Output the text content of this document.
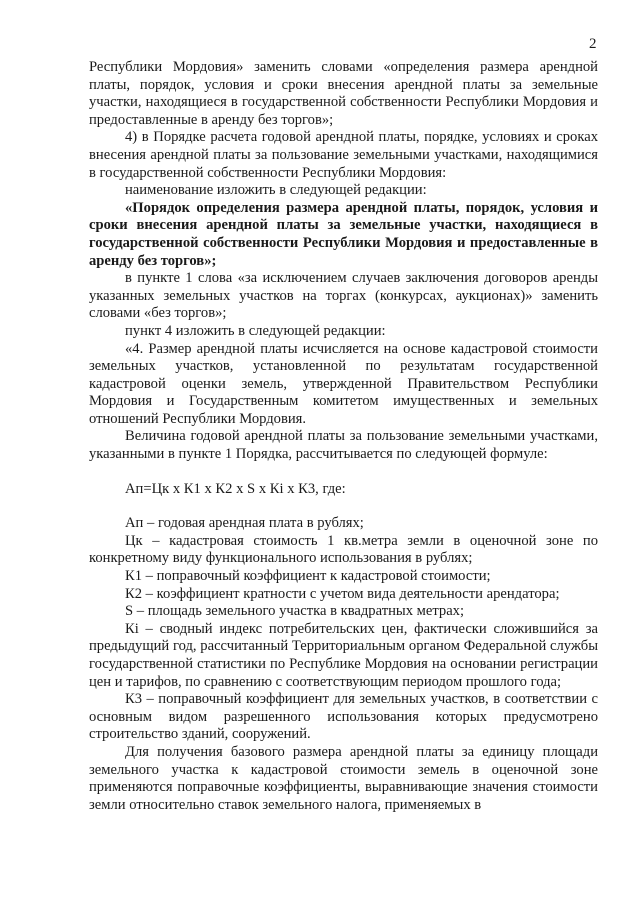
2

Республики Мордовия» заменить словами «определения размера арендной платы, порядок, условия и сроки внесения арендной платы за земельные участки, находящиеся в государственной собственности Республики Мордовия и предоставленные в аренду без торгов»;

4) в Порядке расчета годовой арендной платы, порядке, условиях и сроках внесения арендной платы за пользование земельными участками, находящимися в государственной собственности Республики Мордовия:

наименование изложить в следующей редакции:

«Порядок определения размера арендной платы, порядок, условия и сроки внесения арендной платы за земельные участки, находящиеся в государственной собственности Республики Мордовия и предоставленные в аренду без торгов»;

в пункте 1 слова «за исключением случаев заключения договоров аренды указанных земельных участков на торгах (конкурсах, аукционах)» заменить словами «без торгов»;

пункт 4 изложить в следующей редакции:

«4. Размер арендной платы исчисляется на основе кадастровой стоимости земельных участков, установленной по результатам государственной кадастровой оценки земель, утвержденной Правительством Республики Мордовия и Государственным комитетом имущественных и земельных отношений Республики Мордовия.

Величина годовой арендной платы за пользование земельными участками, указанными в пункте 1 Порядка, рассчитывается по следующей формуле:

Ап=Цк x К1 x К2 x S x Кi x К3, где:

Ап – годовая арендная плата в рублях;

Цк – кадастровая стоимость 1 кв.метра земли в оценочной зоне по конкретному виду функционального использования в рублях;

К1 – поправочный коэффициент к кадастровой стоимости;

К2 – коэффициент кратности с учетом вида деятельности арендатора;

S – площадь земельного участка в квадратных метрах;

Кi – сводный индекс потребительских цен, фактически сложившийся за предыдущий год, рассчитанный Территориальным органом Федеральной службы государственной статистики по Республике Мордовия на основании регистрации цен и тарифов, по сравнению с соответствующим периодом прошлого года;

К3 – поправочный коэффициент для земельных участков, в соответствии с основным видом разрешенного использования которых предусмотрено строительство зданий, сооружений.

Для получения базового размера арендной платы за единицу площади земельного участка к кадастровой стоимости земель в оценочной зоне применяются поправочные коэффициенты, выравнивающие значения стоимости земли относительно ставок земельного налога, применяемых в
